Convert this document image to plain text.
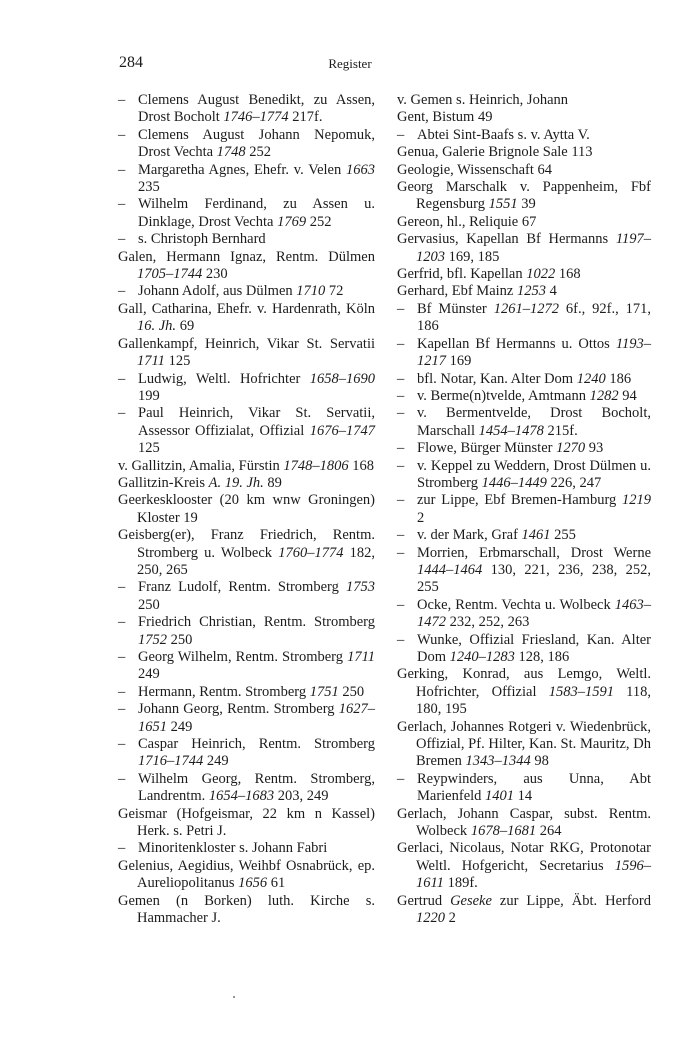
284	Register
– Clemens August Benedikt, zu Assen, Drost Bocholt 1746–1774 217f.
– Clemens August Johann Nepomuk, Drost Vechta 1748 252
– Margaretha Agnes, Ehefr. v. Velen 1663 235
– Wilhelm Ferdinand, zu Assen u. Dinklage, Drost Vechta 1769 252
– s. Christoph Bernhard
Galen, Hermann Ignaz, Rentm. Dülmen 1705–1744 230
– Johann Adolf, aus Dülmen 1710 72
Gall, Catharina, Ehefr. v. Hardenrath, Köln 16. Jh. 69
Gallenkampf, Heinrich, Vikar St. Servatii 1711 125
– Ludwig, Weltl. Hofrichter 1658–1690 199
– Paul Heinrich, Vikar St. Servatii, Assessor Offizialat, Offizial 1676–1747 125
v. Gallitzin, Amalia, Fürstin 1748–1806 168
Gallitzin-Kreis A. 19. Jh. 89
Geerkesklooster (20 km wnw Groningen) Kloster 19
Geisberg(er), Franz Friedrich, Rentm. Stromberg u. Wolbeck 1760–1774 182, 250, 265
– Franz Ludolf, Rentm. Stromberg 1753 250
– Friedrich Christian, Rentm. Stromberg 1752 250
– Georg Wilhelm, Rentm. Stromberg 1711 249
– Hermann, Rentm. Stromberg 1751 250
– Johann Georg, Rentm. Stromberg 1627–1651 249
– Caspar Heinrich, Rentm. Stromberg 1716–1744 249
– Wilhelm Georg, Rentm. Stromberg, Landrentm. 1654–1683 203, 249
Geismar (Hofgeismar, 22 km n Kassel) Herk. s. Petri J.
– Minoritenkloster s. Johann Fabri
Gelenius, Aegidius, Weihbf Osnabrück, ep. Aureliopolitanus 1656 61
Gemen (n Borken) luth. Kirche s. Hammacher J.
v. Gemen s. Heinrich, Johann
Gent, Bistum 49
– Abtei Sint-Baafs s. v. Aytta V.
Genua, Galerie Brignole Sale 113
Geologie, Wissenschaft 64
Georg Marschalk v. Pappenheim, Fbf Regensburg 1551 39
Gereon, hl., Reliquie 67
Gervasius, Kapellan Bf Hermanns 1197–1203 169, 185
Gerfrid, bfl. Kapellan 1022 168
Gerhard, Ebf Mainz 1253 4
– Bf Münster 1261–1272 6f., 92f., 171, 186
– Kapellan Bf Hermanns u. Ottos 1193–1217 169
– bfl. Notar, Kan. Alter Dom 1240 186
– v. Berme(n)tvelde, Amtmann 1282 94
– v. Bermentvelde, Drost Bocholt, Marschall 1454–1478 215f.
– Flowe, Bürger Münster 1270 93
– v. Keppel zu Weddern, Drost Dülmen u. Stromberg 1446–1449 226, 247
– zur Lippe, Ebf Bremen-Hamburg 1219 2
– v. der Mark, Graf 1461 255
– Morrien, Erbmarschall, Drost Werne 1444–1464 130, 221, 236, 238, 252, 255
– Ocke, Rentm. Vechta u. Wolbeck 1463–1472 232, 252, 263
– Wunke, Offizial Friesland, Kan. Alter Dom 1240–1283 128, 186
Gerking, Konrad, aus Lemgo, Weltl. Hofrichter, Offizial 1583–1591 118, 180, 195
Gerlach, Johannes Rotgeri v. Wiedenbrück, Offizial, Pf. Hilter, Kan. St. Mauritz, Dh Bremen 1343–1344 98
– Reypwinders, aus Unna, Abt Marienfeld 1401 14
Gerlach, Johann Caspar, subst. Rentm. Wolbeck 1678–1681 264
Gerlaci, Nicolaus, Notar RKG, Protonotar Weltl. Hofgericht, Secretarius 1596–1611 189f.
Gertrud Geseke zur Lippe, Äbt. Herford 1220 2
